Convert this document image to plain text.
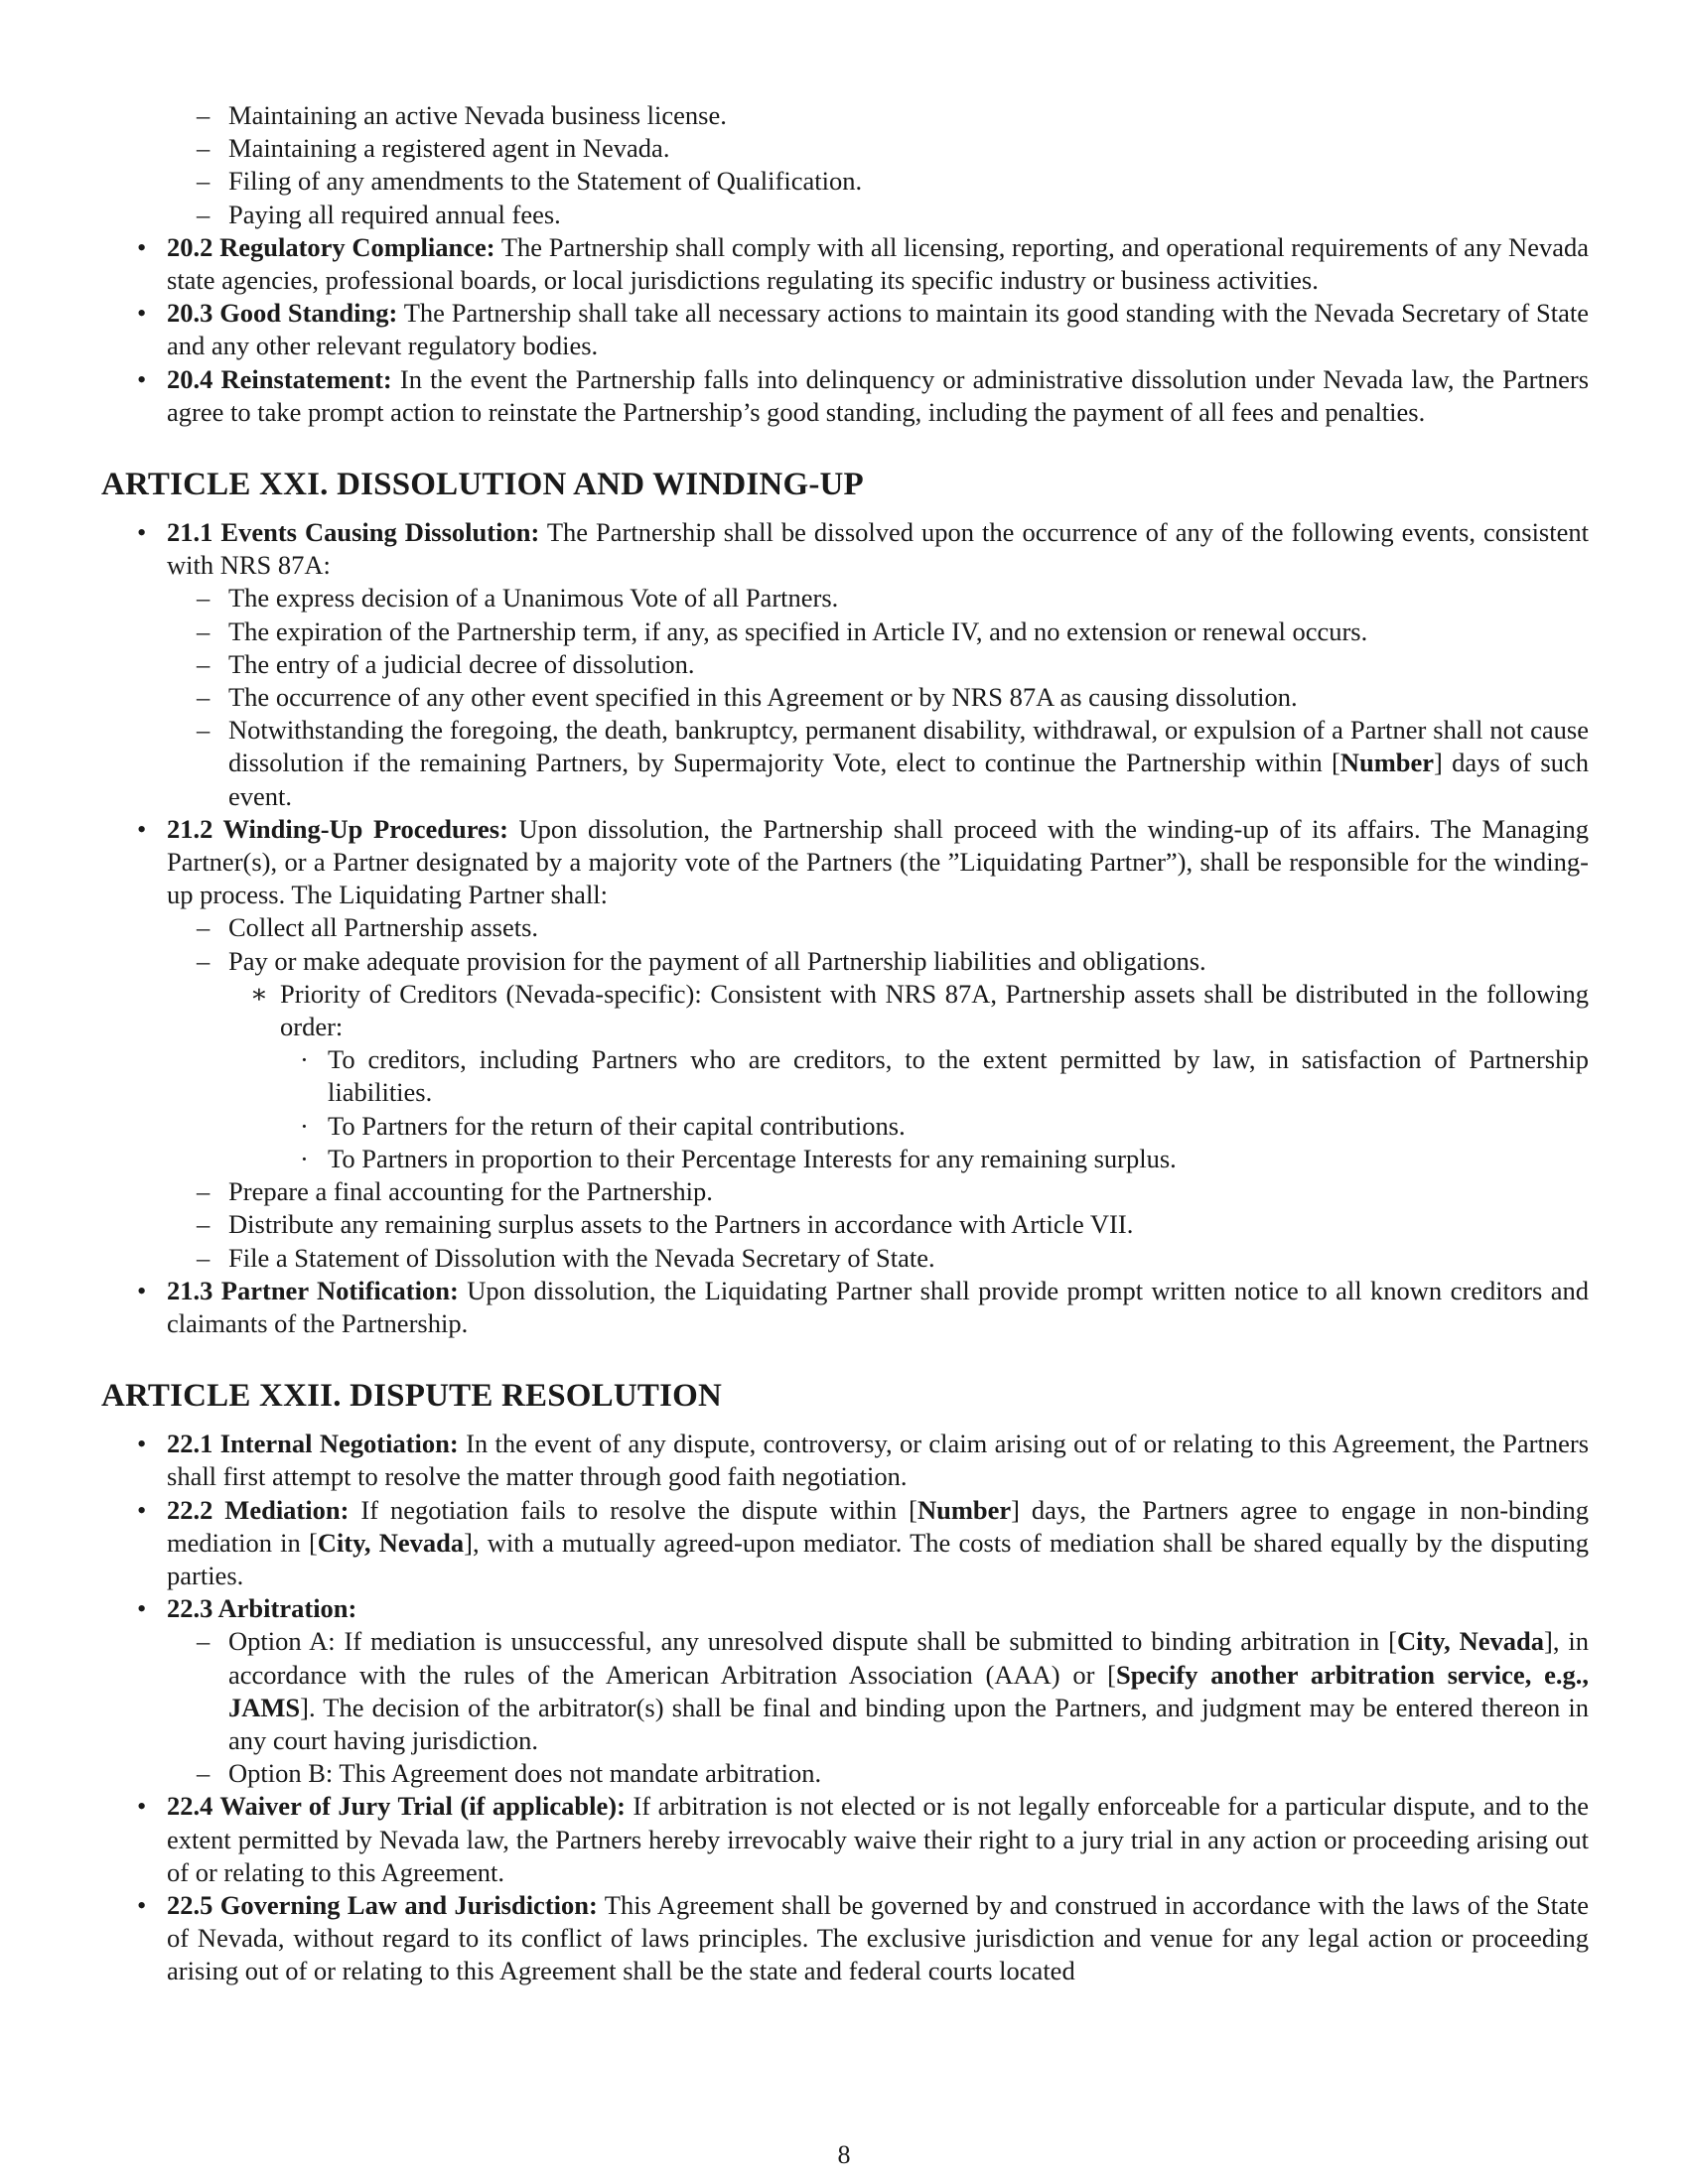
– Maintaining an active Nevada business license.
– Maintaining a registered agent in Nevada.
– Filing of any amendments to the Statement of Qualification.
– Paying all required annual fees.
• 20.2 Regulatory Compliance: The Partnership shall comply with all licensing, reporting, and operational requirements of any Nevada state agencies, professional boards, or local jurisdictions regulating its specific industry or business activities.
• 20.3 Good Standing: The Partnership shall take all necessary actions to maintain its good standing with the Nevada Secretary of State and any other relevant regulatory bodies.
• 20.4 Reinstatement: In the event the Partnership falls into delinquency or administrative dissolution under Nevada law, the Partners agree to take prompt action to reinstate the Partnership’s good standing, including the payment of all fees and penalties.
ARTICLE XXI. DISSOLUTION AND WINDING-UP
• 21.1 Events Causing Dissolution: The Partnership shall be dissolved upon the occurrence of any of the following events, consistent with NRS 87A:
– The express decision of a Unanimous Vote of all Partners.
– The expiration of the Partnership term, if any, as specified in Article IV, and no extension or renewal occurs.
– The entry of a judicial decree of dissolution.
– The occurrence of any other event specified in this Agreement or by NRS 87A as causing dissolution.
– Notwithstanding the foregoing, the death, bankruptcy, permanent disability, withdrawal, or expulsion of a Partner shall not cause dissolution if the remaining Partners, by Supermajority Vote, elect to continue the Partnership within [Number] days of such event.
• 21.2 Winding-Up Procedures: Upon dissolution, the Partnership shall proceed with the winding-up of its affairs. The Managing Partner(s), or a Partner designated by a majority vote of the Partners (the ”Liquidating Partner”), shall be responsible for the winding-up process. The Liquidating Partner shall:
– Collect all Partnership assets.
– Pay or make adequate provision for the payment of all Partnership liabilities and obligations.
∗ Priority of Creditors (Nevada-specific): Consistent with NRS 87A, Partnership assets shall be distributed in the following order:
· To creditors, including Partners who are creditors, to the extent permitted by law, in satisfaction of Partnership liabilities.
· To Partners for the return of their capital contributions.
· To Partners in proportion to their Percentage Interests for any remaining surplus.
– Prepare a final accounting for the Partnership.
– Distribute any remaining surplus assets to the Partners in accordance with Article VII.
– File a Statement of Dissolution with the Nevada Secretary of State.
• 21.3 Partner Notification: Upon dissolution, the Liquidating Partner shall provide prompt written notice to all known creditors and claimants of the Partnership.
ARTICLE XXII. DISPUTE RESOLUTION
• 22.1 Internal Negotiation: In the event of any dispute, controversy, or claim arising out of or relating to this Agreement, the Partners shall first attempt to resolve the matter through good faith negotiation.
• 22.2 Mediation: If negotiation fails to resolve the dispute within [Number] days, the Partners agree to engage in non-binding mediation in [City, Nevada], with a mutually agreed-upon mediator. The costs of mediation shall be shared equally by the disputing parties.
• 22.3 Arbitration:
– Option A: If mediation is unsuccessful, any unresolved dispute shall be submitted to binding arbitration in [City, Nevada], in accordance with the rules of the American Arbitration Association (AAA) or [Specify another arbitration service, e.g., JAMS]. The decision of the arbitrator(s) shall be final and binding upon the Partners, and judgment may be entered thereon in any court having jurisdiction.
– Option B: This Agreement does not mandate arbitration.
• 22.4 Waiver of Jury Trial (if applicable): If arbitration is not elected or is not legally enforceable for a particular dispute, and to the extent permitted by Nevada law, the Partners hereby irrevocably waive their right to a jury trial in any action or proceeding arising out of or relating to this Agreement.
• 22.5 Governing Law and Jurisdiction: This Agreement shall be governed by and construed in accordance with the laws of the State of Nevada, without regard to its conflict of laws principles. The exclusive jurisdiction and venue for any legal action or proceeding arising out of or relating to this Agreement shall be the state and federal courts located
8
